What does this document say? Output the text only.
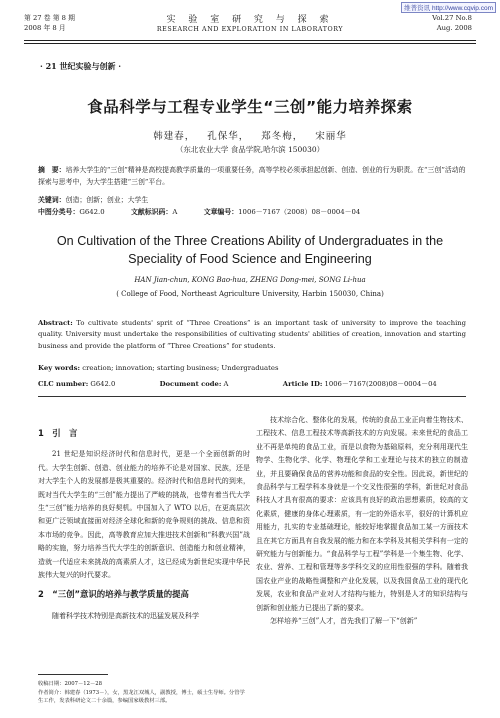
维普资讯 http://www.cqvip.com
第 27 卷 第 8 期
2008 年 8 月
实 验 室 研 究 与 探 索
RESEARCH AND EXPLORATION IN LABORATORY
Vol.27 No.8
Aug. 2008
· 21 世纪实验与创新 ·
食品科学与工程专业学生“三创”能力培养探索
韩建春， 孔保华， 郑冬梅， 宋丽华
（东北农业大学 食品学院,哈尔滨 150030）
摘　要：培养大学生的“三创”精神是高校提高教学质量的一项重要任务，高等学校必须承担起创新、创造、创业的行为职责。在“三创”活动的探索与思考中，为大学生搭建“三创”平台。
关键词：创造；创新；创业；大学生
中图分类号：G642.0	文献标识码：A	文章编号：1006－7167（2008）08－0004－04
On Cultivation of the Three Creations Ability of Undergraduates in the Speciality of Food Science and Engineering
HAN Jian-chun, KONG Bao-hua, ZHENG Dong-mei, SONG Li-hua
( College of Food, Northeast Agriculture University, Harbin 150030, China)
Abstract: To cultivate students' sprit of “Three Creations” is an important task of university to improve the teaching quality. University must undertake the responsibilities of cultivating students' abilities of creation, innovation and starting business and provide the platform of “Three Creations” for students.
Key words: creation; innovation; starting business; Undergraduates
CLC number: G642.0	Document code: A	Article ID: 1006－7167(2008)08－0004－04

1　引　言

21 世纪是知识经济时代和信息时代，更是一个全面创新的时代。大学生创新、创造、创业能力的培养不论是对国家、民族，还是对大学生个人的发展都是极其重要的。经济时代和信息时代的到来，既对当代大学生的“三创”能力提出了严峻的挑战，也带有着当代大学生“三创”能力培养的良好契机。中国加入了 WTO 以后，在更高层次和更广泛领域直接面对经济全球化和新的竞争规则的挑战、信息和资本市场的竞争。因此，高等教育应加大推进技术创新和“科教兴国”战略的实施，努力培养当代大学生的创新意识、创造能力和创业精神，造就一代适应未来挑战的高素质人才，这已经成为新世纪实现中华民族伟大复兴的时代要求。

2　“三创”意识的培养与教学质量的提高

随着科学技术特别是高新技术的迅猛发展及科学

收稿日期：2007－12－28
作者简介：韩建春（1973－），女，黑龙江双城人，副教授，博士，硕士生导师。分管学生工作，发表科研论文二十余篇，参编国家级教材三部。

技术综合化、整体化的发展，传统的食品工业正向着生物技术、工程技术、信息工程技术等高新技术的方向发展。未来世纪的食品工业不再是单纯的食品工业，而是以食物为基础原料，充分利用现代生物学、生物化学、化学、物理化学和工业理论与技术的独立的制造业，并且要确保食品的营养功能和食品的安全性。因此说，新世纪的食品科学与工程学科本身就是一个交叉性很强的学科，新世纪对食品科技人才具有很高的要求：应该具有良好的政治思想素质，较高的文化素质，健康的身体心理素质，有一定的外语水平，很好的计算机应用能力，扎实的专业基础理论，能较好地掌握食品加工某一方面技术且在其它方面具有自我发展的能力和在本学科及其相关学科有一定的研究能力与创新能力。“食品科学与工程”学科是一个集生物、化学、农业、营养、工程和管理等多学科交叉的应用性很强的学科。随着我国农业产业的战略性调整和产业化发展，以及我国食品工业的现代化发展，农业和食品产业对人才结构与能力，特别是人才的知识结构与创新和创业能力已提出了新的要求。

怎样培养“三创”人才，首先我们了解一下“创新”
